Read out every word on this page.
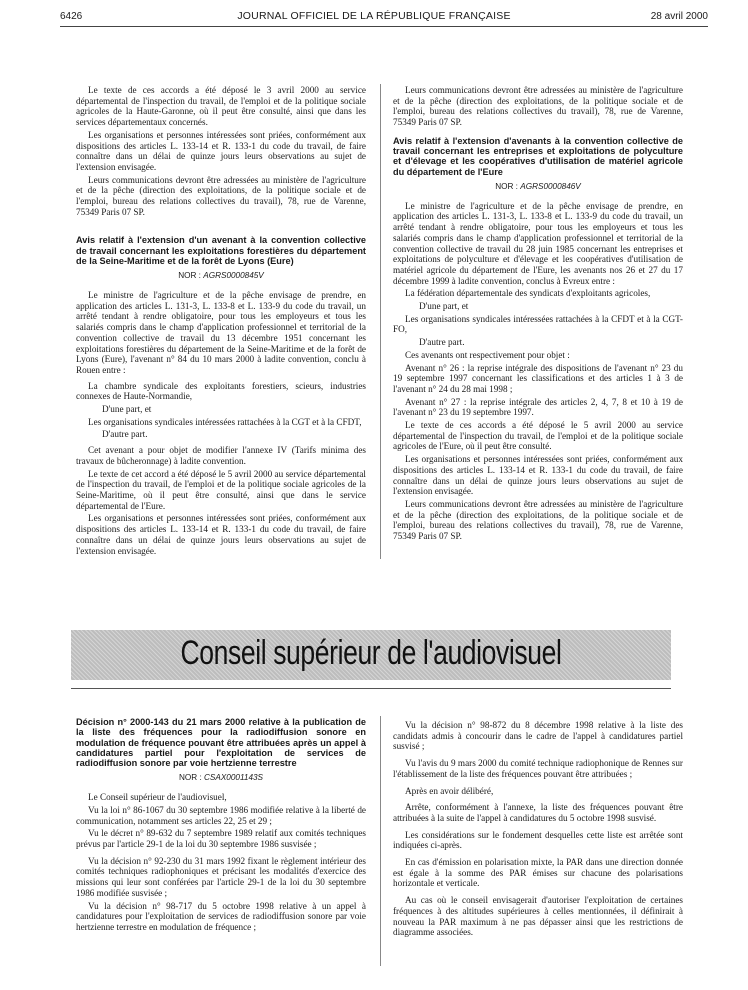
6426	JOURNAL OFFICIEL DE LA RÉPUBLIQUE FRANÇAISE	28 avril 2000

Le texte de ces accords a été déposé le 3 avril 2000 au service départemental de l'inspection du travail, de l'emploi et de la politique sociale agricoles de la Haute-Garonne, où il peut être consulté, ainsi que dans les services départementaux concernés.

Les organisations et personnes intéressées sont priées, conformément aux dispositions des articles L. 133-14 et R. 133-1 du code du travail, de faire connaître dans un délai de quinze jours leurs observations au sujet de l'extension envisagée.

Leurs communications devront être adressées au ministère de l'agriculture et de la pêche (direction des exploitations, de la politique sociale et de l'emploi, bureau des relations collectives du travail), 78, rue de Varenne, 75349 Paris 07 SP.

Avis relatif à l'extension d'un avenant à la convention collective de travail concernant les exploitations forestières du département de la Seine-Maritime et de la forêt de Lyons (Eure)

NOR : AGRS0000845V

Le ministre de l'agriculture et de la pêche envisage de prendre, en application des articles L. 131-3, L. 133-8 et L. 133-9 du code du travail, un arrêté tendant à rendre obligatoire, pour tous les employeurs et tous les salariés compris dans le champ d'application professionnel et territorial de la convention collective de travail du 13 décembre 1951 concernant les exploitations forestières du département de la Seine-Maritime et de la forêt de Lyons (Eure), l'avenant n° 84 du 10 mars 2000 à ladite convention, conclu à Rouen entre :

La chambre syndicale des exploitants forestiers, scieurs, industries connexes de Haute-Normandie,

D'une part, et

Les organisations syndicales intéressées rattachées à la CGT et à la CFDT,

D'autre part.

Cet avenant a pour objet de modifier l'annexe IV (Tarifs minima des travaux de bûcheronnage) à ladite convention.

Le texte de cet accord a été déposé le 5 avril 2000 au service départemental de l'inspection du travail, de l'emploi et de la politique sociale agricoles de la Seine-Maritime, où il peut être consulté, ainsi que dans le service départemental de l'Eure.

Les organisations et personnes intéressées sont priées, conformément aux dispositions des articles L. 133-14 et R. 133-1 du code du travail, de faire connaître dans un délai de quinze jours leurs observations au sujet de l'extension envisagée.

Leurs communications devront être adressées au ministère de l'agriculture et de la pêche (direction des exploitations, de la politique sociale et de l'emploi, bureau des relations collectives du travail), 78, rue de Varenne, 75349 Paris 07 SP.

Avis relatif à l'extension d'avenants à la convention collective de travail concernant les entreprises et exploitations de polyculture et d'élevage et les coopératives d'utilisation de matériel agricole du département de l'Eure

NOR : AGRS0000846V

Le ministre de l'agriculture et de la pêche envisage de prendre, en application des articles L. 131-3, L. 133-8 et L. 133-9 du code du travail, un arrêté tendant à rendre obligatoire, pour tous les employeurs et tous les salariés compris dans le champ d'application professionnel et territorial de la convention collective de travail du 28 juin 1985 concernant les entreprises et exploitations de polyculture et d'élevage et les coopératives d'utilisation de matériel agricole du département de l'Eure, les avenants nos 26 et 27 du 17 décembre 1999 à ladite convention, conclus à Evreux entre :

La fédération départementale des syndicats d'exploitants agricoles,

D'une part, et

Les organisations syndicales intéressées rattachées à la CFDT et à la CGT-FO,

D'autre part.

Ces avenants ont respectivement pour objet :

Avenant n° 26 : la reprise intégrale des dispositions de l'avenant n° 23 du 19 septembre 1997 concernant les classifications et des articles 1 à 3 de l'avenant n° 24 du 28 mai 1998 ;

Avenant n° 27 : la reprise intégrale des articles 2, 4, 7, 8 et 10 à 19 de l'avenant n° 23 du 19 septembre 1997.

Le texte de ces accords a été déposé le 5 avril 2000 au service départemental de l'inspection du travail, de l'emploi et de la politique sociale agricoles de l'Eure, où il peut être consulté.

Les organisations et personnes intéressées sont priées, conformément aux dispositions des articles L. 133-14 et R. 133-1 du code du travail, de faire connaître dans un délai de quinze jours leurs observations au sujet de l'extension envisagée.

Leurs communications devront être adressées au ministère de l'agriculture et de la pêche (direction des exploitations, de la politique sociale et de l'emploi, bureau des relations collectives du travail), 78, rue de Varenne, 75349 Paris 07 SP.

Conseil supérieur de l'audiovisuel
Décision n° 2000-143 du 21 mars 2000 relative à la publication de la liste des fréquences pour la radiodiffusion sonore en modulation de fréquence pouvant être attribuées après un appel à candidatures partiel pour l'exploitation de services de radiodiffusion sonore par voie hertzienne terrestre

NOR : CSAX0001143S

Le Conseil supérieur de l'audiovisuel,

Vu la loi n° 86-1067 du 30 septembre 1986 modifiée relative à la liberté de communication, notamment ses articles 22, 25 et 29 ;

Vu le décret n° 89-632 du 7 septembre 1989 relatif aux comités techniques prévus par l'article 29-1 de la loi du 30 septembre 1986 susvisée ;

Vu la décision n° 92-230 du 31 mars 1992 fixant le règlement intérieur des comités techniques radiophoniques et précisant les modalités d'exercice des missions qui leur sont conférées par l'article 29-1 de la loi du 30 septembre 1986 modifiée susvisée ;

Vu la décision n° 98-717 du 5 octobre 1998 relative à un appel à candidatures pour l'exploitation de services de radiodiffusion sonore par voie hertzienne terrestre en modulation de fréquence ;

Vu la décision n° 98-872 du 8 décembre 1998 relative à la liste des candidats admis à concourir dans le cadre de l'appel à candidatures partiel susvisé ;

Vu l'avis du 9 mars 2000 du comité technique radiophonique de Rennes sur l'établissement de la liste des fréquences pouvant être attribuées ;

Après en avoir délibéré,

Arrête, conformément à l'annexe, la liste des fréquences pouvant être attribuées à la suite de l'appel à candidatures du 5 octobre 1998 susvisé.

Les considérations sur le fondement desquelles cette liste est arrêtée sont indiquées ci-après.

En cas d'émission en polarisation mixte, la PAR dans une direction donnée est égale à la somme des PAR émises sur chacune des polarisations horizontale et verticale.

Au cas où le conseil envisagerait d'autoriser l'exploitation de certaines fréquences à des altitudes supérieures à celles mentionnées, il définirait à nouveau la PAR maximum à ne pas dépasser ainsi que les restrictions de diagramme associées.
